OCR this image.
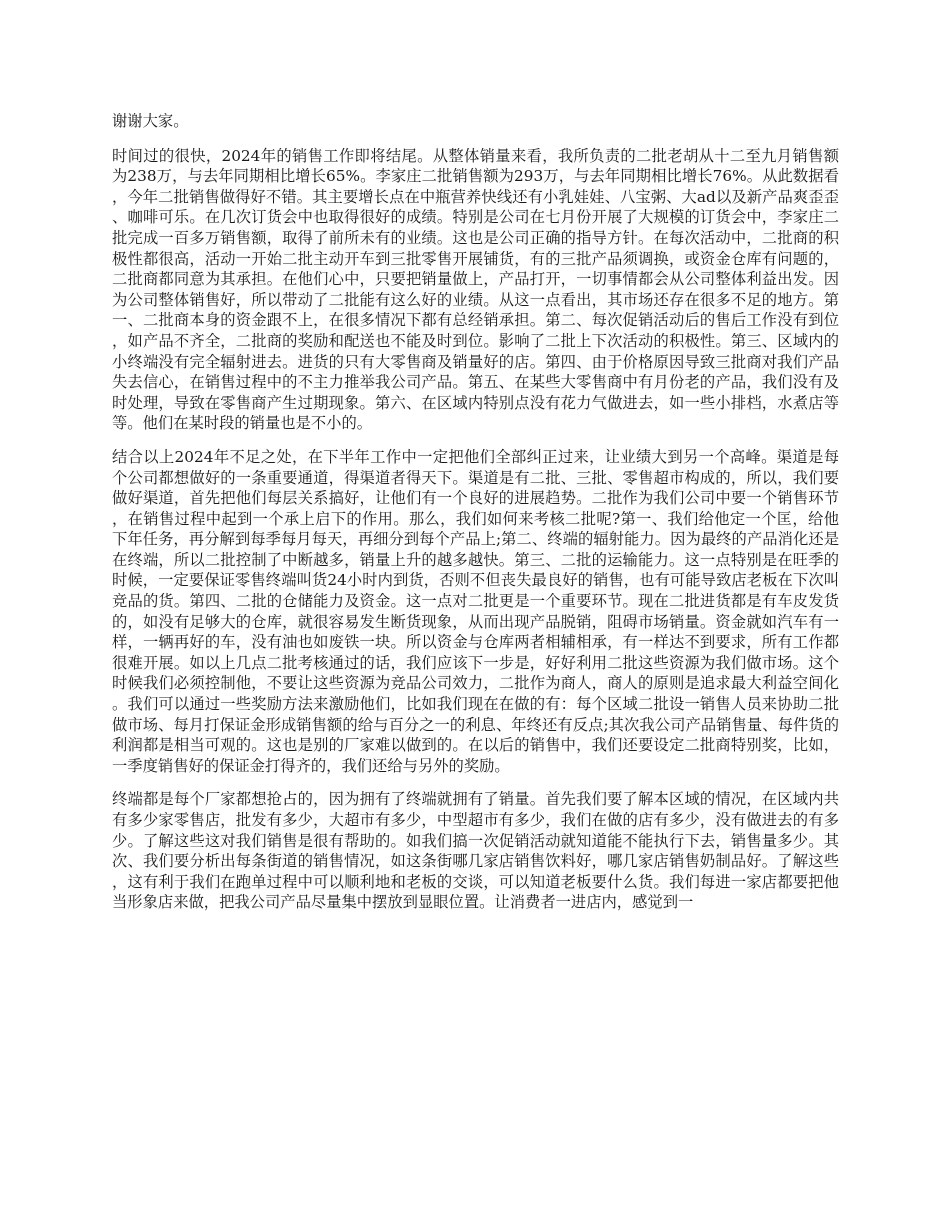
谢谢大家。

时间过的很快，2024年的销售工作即将结尾。从整体销量来看，我所负责的二批老胡从十二至九月销售额为238万，与去年同期相比增长65%。李家庄二批销售额为293万，与去年同期相比增长76%。从此数据看，今年二批销售做得好不错。其主要增长点在中瓶营养快线还有小乳娃娃、八宝粥、大ad以及新产品爽歪歪、咖啡可乐。在几次订货会中也取得很好的成绩。特别是公司在七月份开展了大规模的订货会中，李家庄二批完成一百多万销售额，取得了前所未有的业绩。这也是公司正确的指导方针。在每次活动中，二批商的积极性都很高，活动一开始二批主动开车到三批零售开展铺货，有的三批产品须调换，或资金仓库有问题的，二批商都同意为其承担。在他们心中，只要把销量做上，产品打开，一切事情都会从公司整体利益出发。因为公司整体销售好，所以带动了二批能有这么好的业绩。从这一点看出，其市场还存在很多不足的地方。第一、二批商本身的资金跟不上，在很多情况下都有总经销承担。第二、每次促销活动后的售后工作没有到位，如产品不齐全，二批商的奖励和配送也不能及时到位。影响了二批上下次活动的积极性。第三、区域内的小终端没有完全辐射进去。进货的只有大零售商及销量好的店。第四、由于价格原因导致三批商对我们产品失去信心，在销售过程中的不主力推举我公司产品。第五、在某些大零售商中有月份老的产品，我们没有及时处理，导致在零售商产生过期现象。第六、在区域内特别点没有花力气做进去，如一些小排档，水煮店等等。他们在某时段的销量也是不小的。

结合以上2024年不足之处，在下半年工作中一定把他们全部纠正过来，让业绩大到另一个高峰。渠道是每个公司都想做好的一条重要通道，得渠道者得天下。渠道是有二批、三批、零售超市构成的，所以，我们要做好渠道，首先把他们每层关系搞好，让他们有一个良好的进展趋势。二批作为我们公司中要一个销售环节，在销售过程中起到一个承上启下的作用。那么，我们如何来考核二批呢?第一、我们给他定一个匡，给他下年任务，再分解到每季每月每天，再细分到每个产品上;第二、终端的辐射能力。因为最终的产品消化还是在终端，所以二批控制了中断越多，销量上升的越多越快。第三、二批的运输能力。这一点特别是在旺季的时候，一定要保证零售终端叫货24小时内到货，否则不但丧失最良好的销售，也有可能导致店老板在下次叫竞品的货。第四、二批的仓储能力及资金。这一点对二批更是一个重要环节。现在二批进货都是有车皮发货的，如没有足够大的仓库，就很容易发生断货现象，从而出现产品脱销，阻碍市场销量。资金就如汽车有一样，一辆再好的车，没有油也如废铁一块。所以资金与仓库两者相辅相承，有一样达不到要求，所有工作都很难开展。如以上几点二批考核通过的话，我们应该下一步是，好好利用二批这些资源为我们做市场。这个时候我们必须控制他，不要让这些资源为竞品公司效力，二批作为商人，商人的原则是追求最大利益空间化。我们可以通过一些奖励方法来激励他们，比如我们现在在做的有：每个区域二批设一销售人员来协助二批做市场、每月打保证金形成销售额的给与百分之一的利息、年终还有反点;其次我公司产品销售量、每件货的利润都是相当可观的。这也是别的厂家难以做到的。在以后的销售中，我们还要设定二批商特别奖，比如，一季度销售好的保证金打得齐的，我们还给与另外的奖励。

终端都是每个厂家都想抢占的，因为拥有了终端就拥有了销量。首先我们要了解本区域的情况，在区域内共有多少家零售店，批发有多少，大超市有多少，中型超市有多少，我们在做的店有多少，没有做进去的有多少。了解这些这对我们销售是很有帮助的。如我们搞一次促销活动就知道能不能执行下去，销售量多少。其次、我们要分析出每条街道的销售情况，如这条街哪几家店销售饮料好，哪几家店销售奶制品好。了解这些，这有利于我们在跑单过程中可以顺利地和老板的交谈，可以知道老板要什么货。我们每进一家店都要把他当形象店来做，把我公司产品尽量集中摆放到显眼位置。让消费者一进店内，感觉到一
